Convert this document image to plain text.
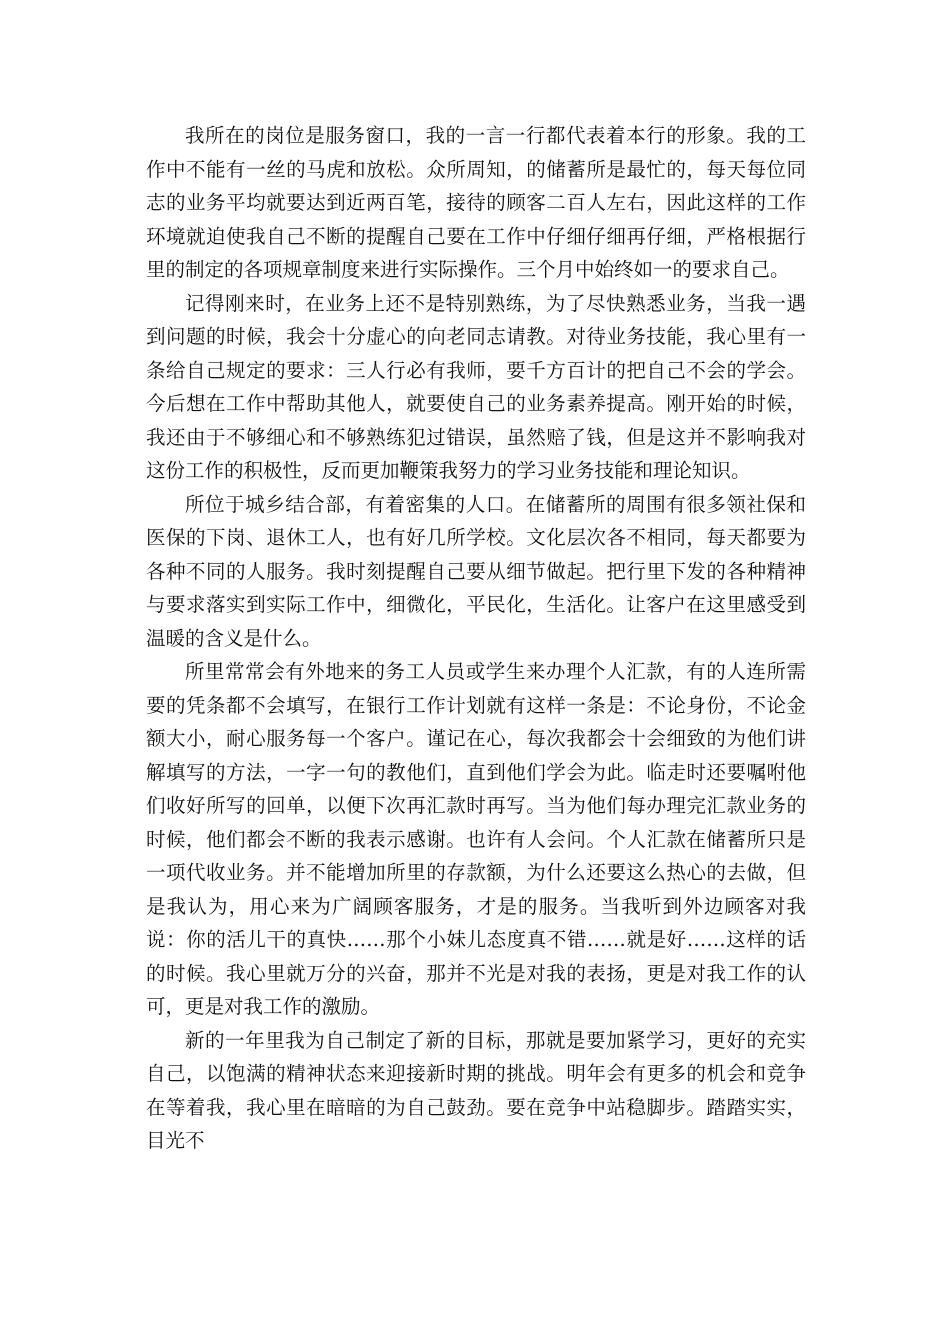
我所在的岗位是服务窗口，我的一言一行都代表着本行的形象。我的工作中不能有一丝的马虎和放松。众所周知，的储蓄所是最忙的，每天每位同志的业务平均就要达到近两百笔，接待的顾客二百人左右，因此这样的工作环境就迫使我自己不断的提醒自己要在工作中仔细仔细再仔细，严格根据行里的制定的各项规章制度来进行实际操作。三个月中始终如一的要求自己。

记得刚来时，在业务上还不是特别熟练，为了尽快熟悉业务，当我一遇到问题的时候，我会十分虚心的向老同志请教。对待业务技能，我心里有一条给自己规定的要求：三人行必有我师，要千方百计的把自己不会的学会。今后想在工作中帮助其他人，就要使自己的业务素养提高。刚开始的时候，我还由于不够细心和不够熟练犯过错误，虽然赔了钱，但是这并不影响我对这份工作的积极性，反而更加鞭策我努力的学习业务技能和理论知识。

所位于城乡结合部，有着密集的人口。在储蓄所的周围有很多领社保和医保的下岗、退休工人，也有好几所学校。文化层次各不相同，每天都要为各种不同的人服务。我时刻提醒自己要从细节做起。把行里下发的各种精神与要求落实到实际工作中，细微化，平民化，生活化。让客户在这里感受到温暖的含义是什么。

所里常常会有外地来的务工人员或学生来办理个人汇款，有的人连所需要的凭条都不会填写，在银行工作计划就有这样一条是：不论身份，不论金额大小，耐心服务每一个客户。谨记在心，每次我都会十会细致的为他们讲解填写的方法，一字一句的教他们，直到他们学会为此。临走时还要嘱咐他们收好所写的回单，以便下次再汇款时再写。当为他们每办理完汇款业务的时候，他们都会不断的我表示感谢。也许有人会问。个人汇款在储蓄所只是一项代收业务。并不能增加所里的存款额，为什么还要这么热心的去做，但是我认为，用心来为广阔顾客服务，才是的服务。当我听到外边顾客对我说：你的活儿干的真快……那个小妹儿态度真不错……就是好……这样的话的时候。我心里就万分的兴奋，那并不光是对我的表扬，更是对我工作的认可，更是对我工作的激励。

新的一年里我为自己制定了新的目标，那就是要加紧学习，更好的充实自己，以饱满的精神状态来迎接新时期的挑战。明年会有更多的机会和竞争在等着我，我心里在暗暗的为自己鼓劲。要在竞争中站稳脚步。踏踏实实，目光不
